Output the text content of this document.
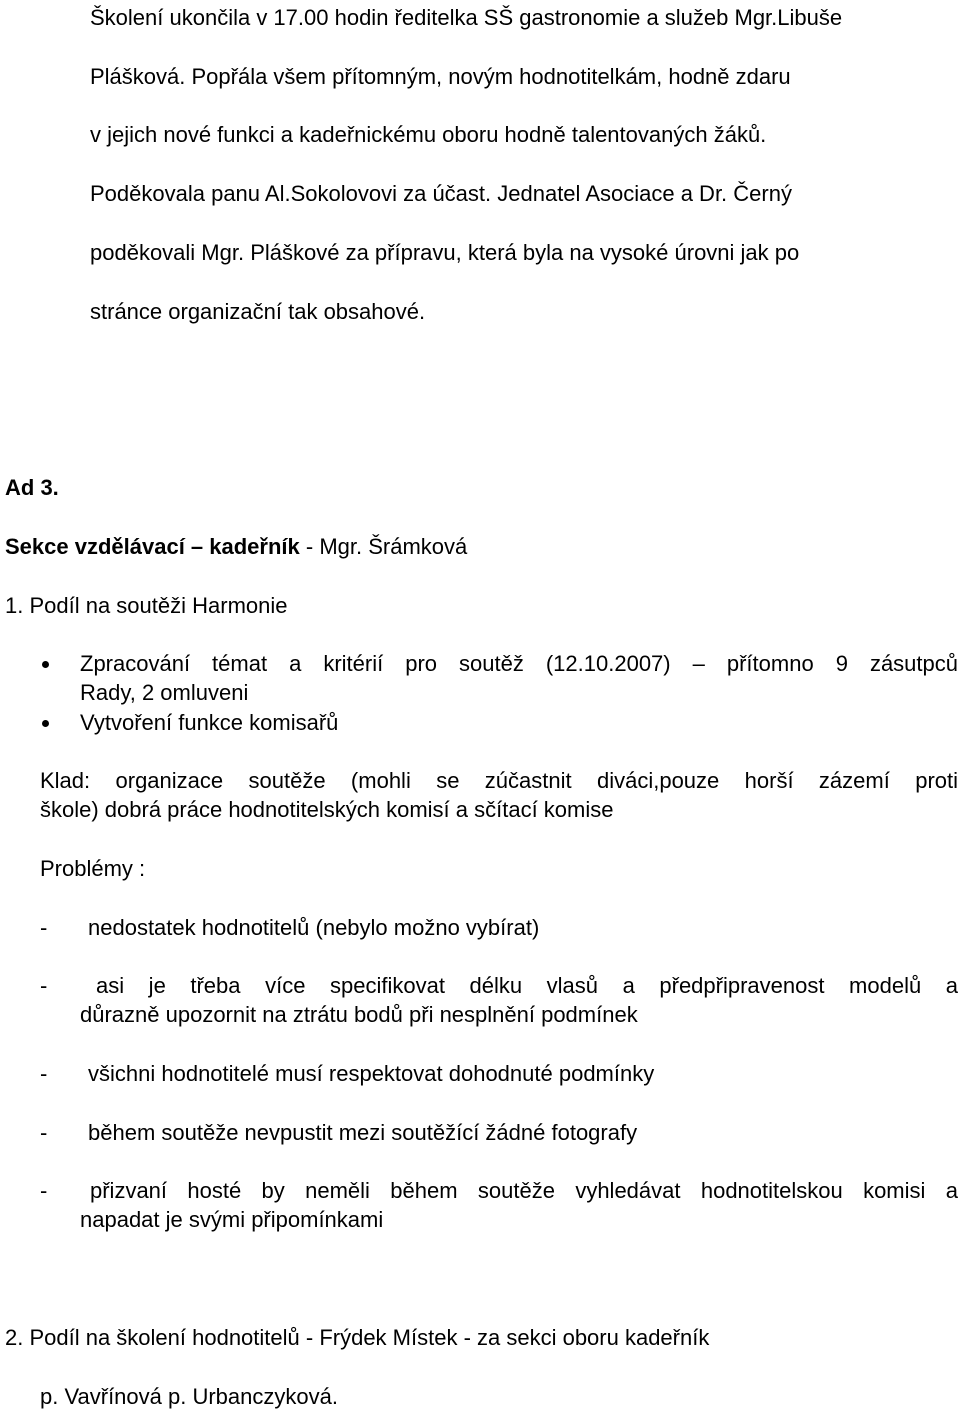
Školení ukončila v 17.00 hodin ředitelka SŠ gastronomie a služeb Mgr.Libuše
Plášková. Popřála všem přítomným, novým hodnotitelkám, hodně zdaru
v jejich nové funkci a kadeřnickému oboru hodně talentovaných žáků.
Poděkovala panu Al.Sokolovovi za účast. Jednatel Asociace a Dr. Černý
poděkovali Mgr. Pláškové za přípravu, která byla na vysoké úrovni jak po
stránce organizační tak obsahové.
Ad 3.
Sekce vzdělávací – kadeřník - Mgr. Šrámková
1. Podíl na soutěži Harmonie
Zpracování témat a kritérií pro soutěž (12.10.2007) – přítomno 9 zásutpců
Rady, 2 omluveni
Vytvoření funkce komisařů
Klad: organizace soutěže (mohli se zúčastnit diváci,pouze horší zázemí proti
škole) dobrá práce hodnotitelských komisí a sčítací komise
Problémy :
- nedostatek hodnotitelů (nebylo možno vybírat)
- asi je třeba více specifikovat délku vlasů a předpřipravenost modelů a
důrazně upozornit na ztrátu bodů při nesplnění podmínek
- všichni hodnotitelé musí respektovat dohodnuté podmínky
- během soutěže nevpustit mezi soutěžící žádné fotografy
- přizvaní hosté by neměli během soutěže vyhledávat hodnotitelskou komisi a
napadat je svými připomínkami
2. Podíl na školení hodnotitelů - Frýdek Místek - za sekci oboru kadeřník
p. Vavřínová p. Urbanczyková.
